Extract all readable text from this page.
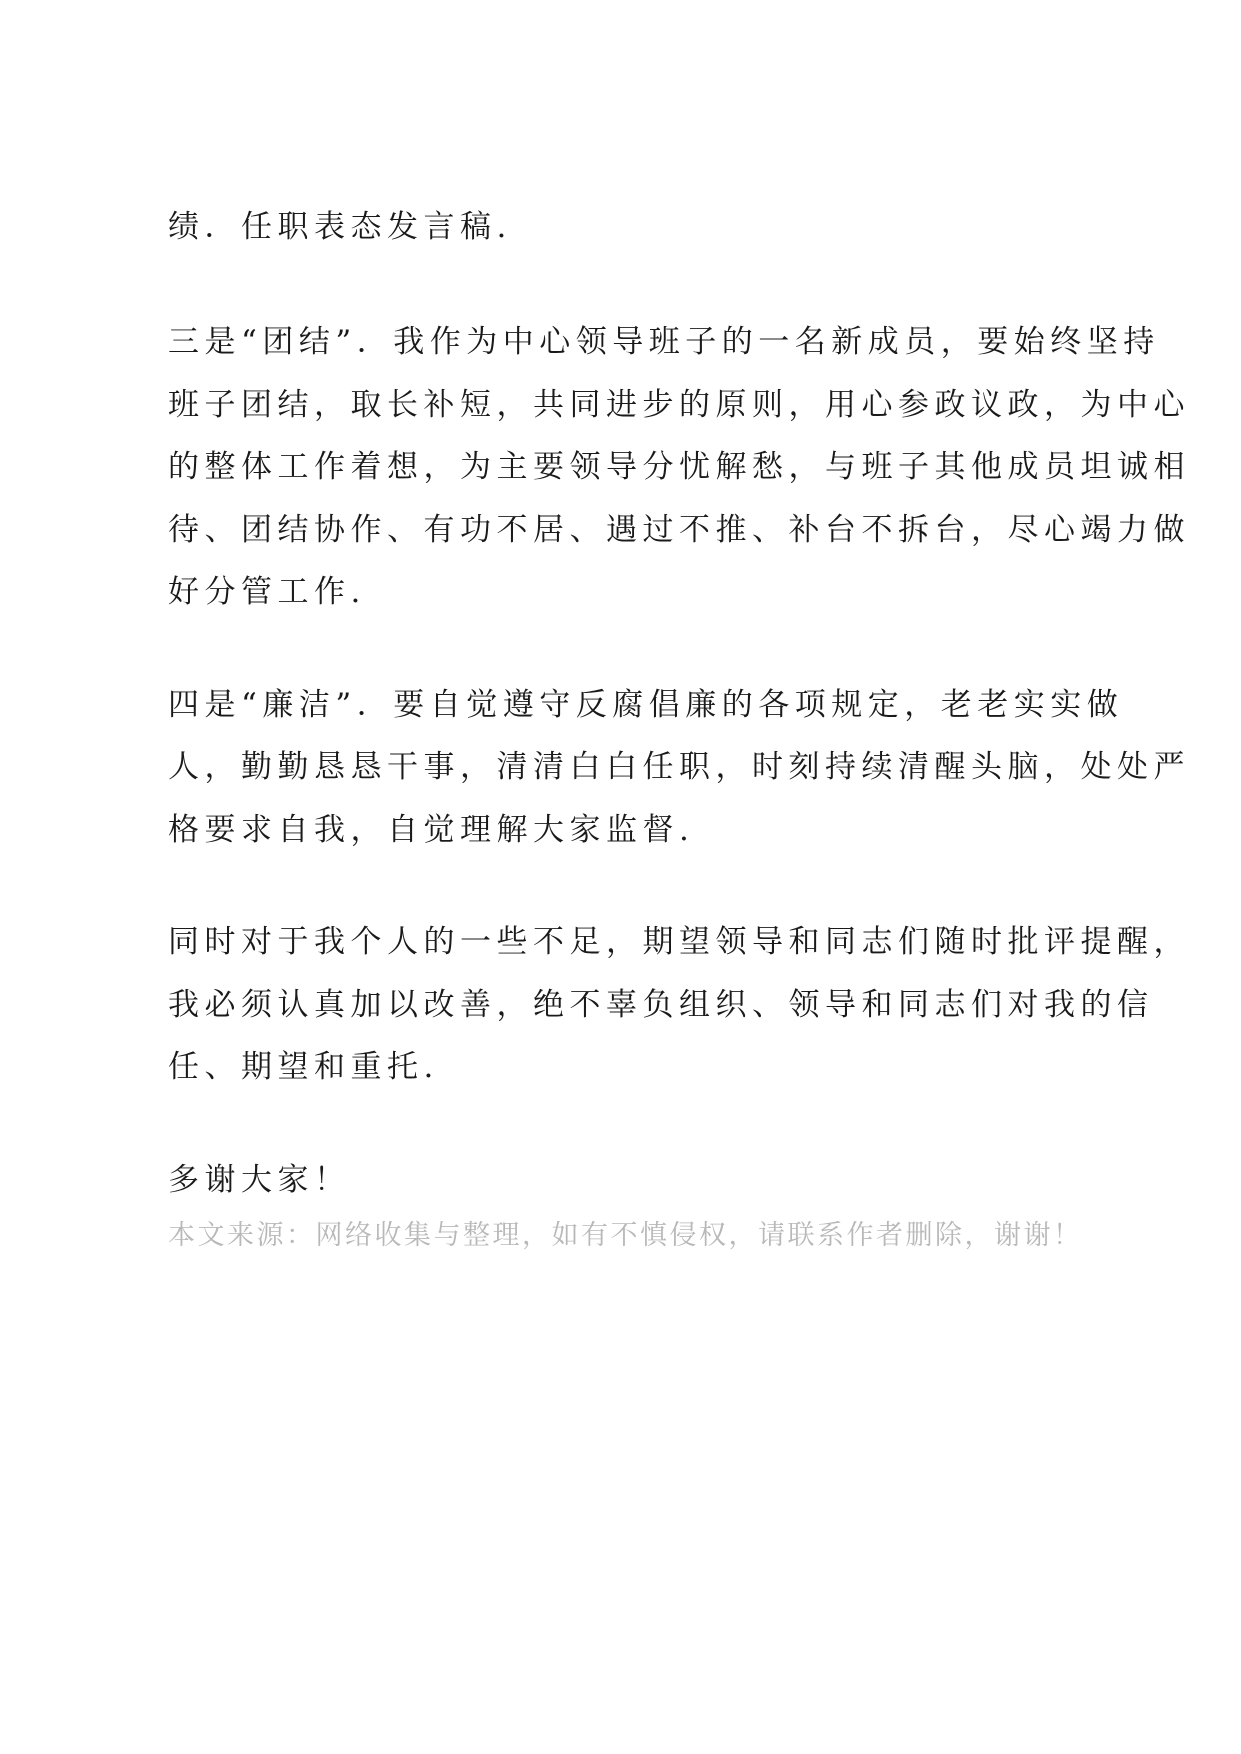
绩．任职表态发言稿.
三是“团结”．我作为中心领导班子的一名新成员，要始终坚持
班子团结，取长补短，共同进步的原则，用心参政议政，为中心
的整体工作着想，为主要领导分忧解愁，与班子其他成员坦诚相
待、团结协作、有功不居、遇过不推、补台不拆台，尽心竭力做
好分管工作.
四是“廉洁”．要自觉遵守反腐倡廉的各项规定，老老实实做
人，勤勤恳恳干事，清清白白任职，时刻持续清醒头脑，处处严
格要求自我，自觉理解大家监督.
同时对于我个人的一些不足，期望领导和同志们随时批评提醒，
我必须认真加以改善，绝不辜负组织、领导和同志们对我的信
任、期望和重托.
多谢大家！
本文来源：网络收集与整理，如有不慎侵权，请联系作者删除，谢谢！
